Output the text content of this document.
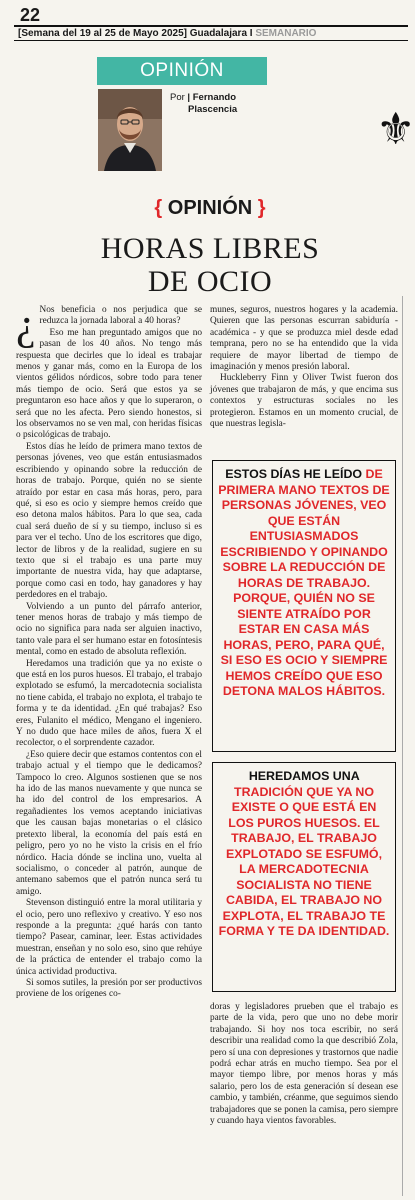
22
[Semana del 19 al 25 de Mayo 2025] Guadalajara I SEMANARIO
OPINIÓN
Por | Fernando
Plascencia	⚜
{ OPINIÓN }
HORAS LIBRES
DE OCIO
¿ Nos beneficia o nos perjudica que se reduzca la jornada laboral a 40 horas?

Eso me han preguntado amigos que no pasan de los 40 años. No tengo más respuesta que decirles que lo ideal es trabajar menos y ganar más, como en la Europa de los vientos gélidos nórdicos, sobre todo para tener más tiempo de ocio. Será que estos ya se preguntaron eso hace años y que lo superaron, o será que no les afecta. Pero siendo honestos, si los observamos no se ven mal, con heridas físicas o psicológicas de trabajo.

Estos días he leído de primera mano textos de personas jóvenes, veo que están entusiasmados escribiendo y opinando sobre la reducción de horas de trabajo. Porque, quién no se siente atraído por estar en casa más horas, pero, para qué, si eso es ocio y siempre hemos creído que eso detona malos hábitos. Para lo que sea, cada cual será dueño de sí y su tiempo, incluso si es para ver el techo. Uno de los escritores que digo, lector de libros y de la realidad, sugiere en su texto que si el trabajo es una parte muy importante de nuestra vida, hay que adaptarse, porque como casi en todo, hay ganadores y hay perdedores en el trabajo.

Volviendo a un punto del párrafo anterior, tener menos horas de trabajo y más tiempo de ocio no significa para nada ser alguien inactivo, tanto vale para el ser humano estar en fotosíntesis mental, como en estado de absoluta reflexión.

Heredamos una tradición que ya no existe o que está en los puros huesos. El trabajo, el trabajo explotado se esfumó, la mercadotecnia socialista no tiene cabida, el trabajo no explota, el trabajo te forma y te da identidad. ¿En qué trabajas? Eso eres, Fulanito el médico, Mengano el ingeniero. Y no dudo que hace miles de años, fuera X el recolector, o el sorprendente cazador.

¿Eso quiere decir que estamos contentos con el trabajo actual y el tiempo que le dedicamos? Tampoco lo creo. Algunos sostienen que se nos ha ido de las manos nuevamente y que nunca se ha ido del control de los empresarios. A regañadientes los vemos aceptando iniciativas que les causan bajas monetarias o el clásico pretexto liberal, la economía del país está en peligro, pero yo no he visto la crisis en el frío nórdico. Hacia dónde se inclina uno, vuelta al socialismo, o conceder al patrón, aunque de antemano sabemos que el patrón nunca será tu amigo.

Stevenson distinguió entre la moral utilitaria y el ocio, pero uno reflexivo y creativo. Y eso nos responde a la pregunta: ¿qué harás con tanto tiempo? Pasear, caminar, leer. Estas actividades muestran, enseñan y no solo eso, sino que rehúye de la práctica de entender el trabajo como la única actividad productiva.

Si somos sutiles, la presión por ser productivos proviene de los orígenes co-

munes, seguros, nuestros hogares y la academia. Quieren que las personas escurran sabiduría - académica - y que se produzca miel desde edad temprana, pero no se ha entendido que la vida requiere de mayor libertad de tiempo de imaginación y menos presión laboral.

Huckleberry Finn y Oliver Twist fueron dos jóvenes que trabajaron de más, y que encima sus contextos y estructuras sociales no les protegieron. Estamos en un momento crucial, de que nuestras legisla-

ESTOS DÍAS HE LEÍDO DE PRIMERA MANO TEXTOS DE PERSONAS JÓVENES, VEO QUE ESTÁN ENTUSIASMADOS ESCRIBIENDO Y OPINANDO SOBRE LA REDUCCIÓN DE HORAS DE TRABAJO. PORQUE, QUIÉN NO SE SIENTE ATRAÍDO POR ESTAR EN CASA MÁS HORAS, PERO, PARA QUÉ, SI ESO ES OCIO Y SIEMPRE HEMOS CREÍDO QUE ESO DETONA MALOS HÁBITOS.
HEREDAMOS UNA TRADICIÓN QUE YA NO EXISTE O QUE ESTÁ EN LOS PUROS HUESOS. EL TRABAJO, EL TRABAJO EXPLOTADO SE ESFUMÓ, LA MERCADOTECNIA SOCIALISTA NO TIENE CABIDA, EL TRABAJO NO EXPLOTA, EL TRABAJO TE FORMA Y TE DA IDENTIDAD.

doras y legisladores prueben que el trabajo es parte de la vida, pero que uno no debe morir trabajando. Si hoy nos toca escribir, no será describir una realidad como la que describió Zola, pero sí una con depresiones y trastornos que nadie podrá echar atrás en mucho tiempo. Sea por el mayor tiempo libre, por menos horas y más salario, pero los de esta generación sí desean ese cambio, y también, créanme, que seguimos siendo trabajadores que se ponen la camisa, pero siempre y cuando haya vientos favorables.
